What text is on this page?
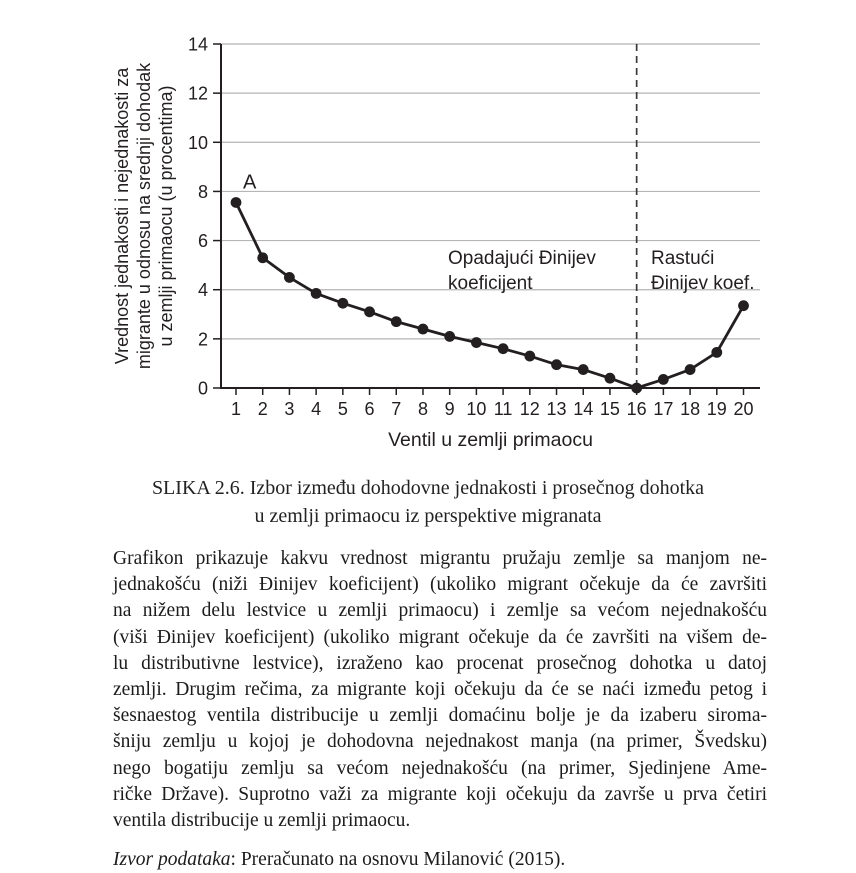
0
2
4
6
8
10
12
14
1 2 3 4 5 6 7 8 9 10 11 12 13 14 15 16 17 18 19 20
A
Opadajući Đinijev koeficijent
Rastući Đinijev koef.
Ventil u zemlji primaocu
Vrednost jednakosti i nejednakosti za migrante u odnosu na srednji dohodak u zemlji primaocu (u procentima)
SLIKA 2.6. Izbor između dohodovne jednakosti i prosečnog dohotka
u zemlji primaocu iz perspektive migranata
Grafikon prikazuje kakvu vrednost migrantu pružaju zemlje sa manjom ne-
jednakošću (niži Đinijev koeficijent) (ukoliko migrant očekuje da će završiti
na nižem delu lestvice u zemlji primaocu) i zemlje sa većom nejednakošću
(viši Đinijev koeficijent) (ukoliko migrant očekuje da će završiti na višem de-
lu distributivne lestvice), izraženo kao procenat prosečnog dohotka u datoj
zemlji. Drugim rečima, za migrante koji očekuju da će se naći između petog i
šesnaestog ventila distribucije u zemlji domaćinu bolje je da izaberu siroma-
šniju zemlju u kojoj je dohodovna nejednakost manja (na primer, Švedsku)
nego bogatiju zemlju sa većom nejednakošću (na primer, Sjedinjene Ame-
ričke Države). Suprotno važi za migrante koji očekuju da završe u prva četiri
ventila distribucije u zemlji primaocu.

Izvor podataka: Preračunato na osnovu Milanović (2015).
